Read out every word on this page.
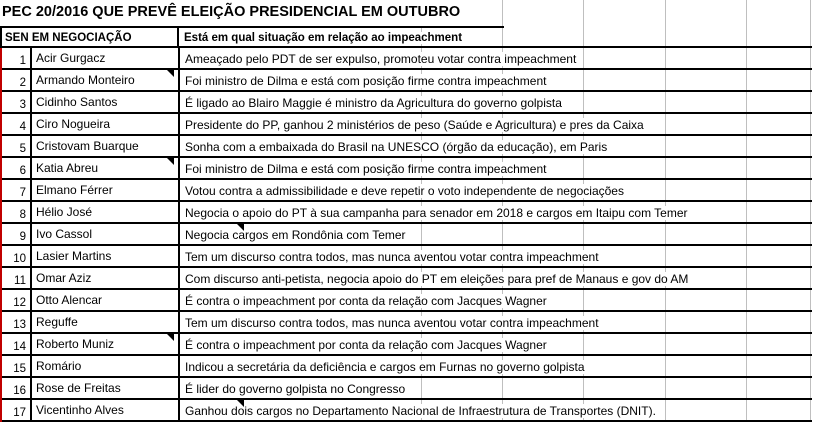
PEC 20/2016 QUE PREVÊ ELEIÇÃO PRESIDENCIAL EM OUTUBRO
SEN EM NEGOCIAÇÃO	Está em qual situação em relação ao impeachment
1 Acir Gurgacz	Ameaçado pelo PDT de ser expulso, promoteu votar contra impeachment
2 Armando Monteiro	Foi ministro de Dilma e está com posição firme contra impeachment
3 Cidinho Santos	É ligado ao Blairo Maggie é ministro da Agricultura do governo golpista
4 Ciro Nogueira	Presidente do PP, ganhou 2 ministérios de peso (Saúde e Agricultura) e pres da Caixa
5 Cristovam Buarque	Sonha com a embaixada do Brasil na UNESCO (órgão da educação), em Paris
6 Katia Abreu	Foi ministro de Dilma e está com posição firme contra impeachment
7 Elmano Férrer	Votou contra a admissibilidade e deve repetir o voto independente de negociações
8 Hélio José	Negocia o apoio do PT à sua campanha para senador em 2018 e cargos em Itaipu com Temer
9 Ivo Cassol	Negocia cargos em Rondônia com Temer
10 Lasier Martins	Tem um discurso contra todos, mas nunca aventou votar contra impeachment
11 Omar Aziz	Com discurso anti-petista, negocia apoio do PT em eleições para pref de Manaus e gov do AM
12 Otto Alencar	É contra o impeachment por conta da relação com Jacques Wagner
13 Reguffe	Tem um discurso contra todos, mas nunca aventou votar contra impeachment
14 Roberto Muniz	É contra o impeachment por conta da relação com Jacques Wagner
15 Romário	Indicou a secretária da deficiência e cargos em Furnas no governo golpista
16 Rose de Freitas	É lider do governo golpista no Congresso
17 Vicentinho Alves	Ganhou dois cargos no Departamento Nacional de Infraestrutura de Transportes (DNIT).
